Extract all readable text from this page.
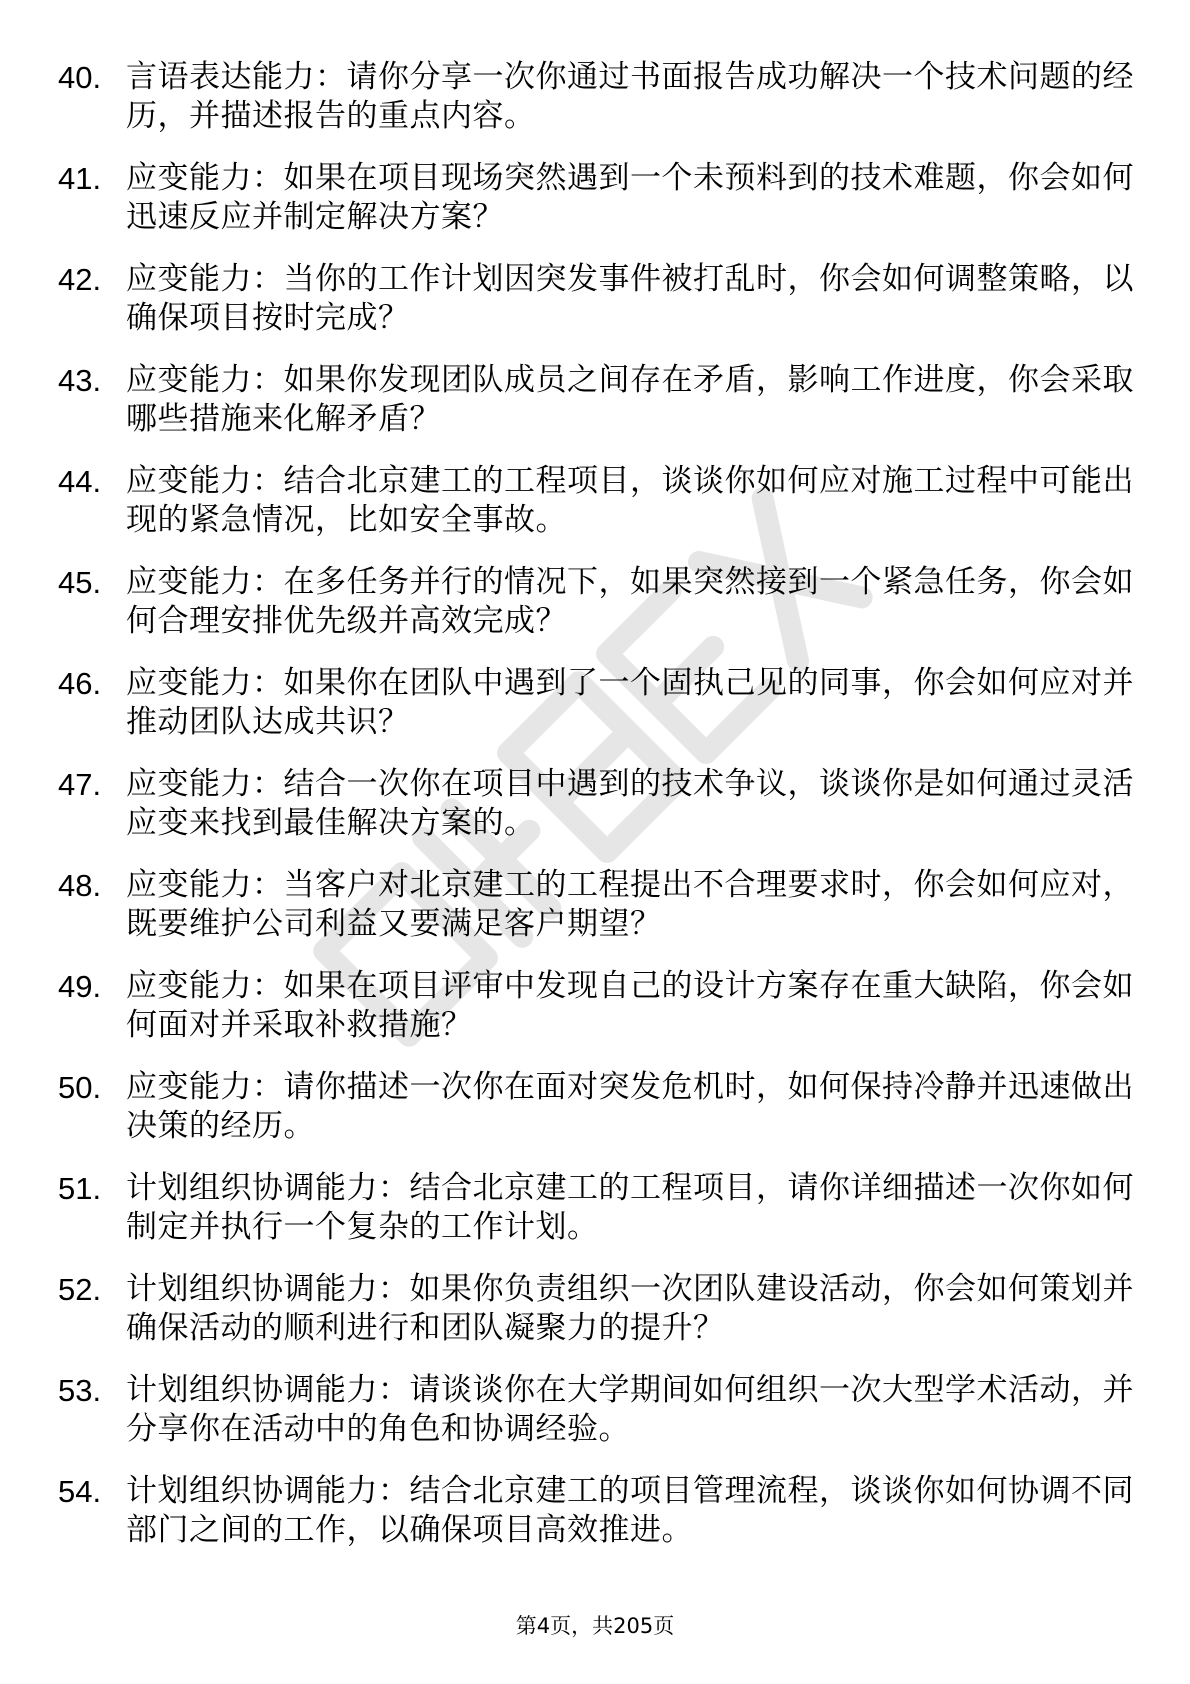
40. 言语表达能力：请你分享一次你通过书面报告成功解决一个技术问题的经历，并描述报告的重点内容。
41. 应变能力：如果在项目现场突然遇到一个未预料到的技术难题，你会如何迅速反应并制定解决方案？
42. 应变能力：当你的工作计划因突发事件被打乱时，你会如何调整策略，以确保项目按时完成？
43. 应变能力：如果你发现团队成员之间存在矛盾，影响工作进度，你会采取哪些措施来化解矛盾？
44. 应变能力：结合北京建工的工程项目，谈谈你如何应对施工过程中可能出现的紧急情况，比如安全事故。
45. 应变能力：在多任务并行的情况下，如果突然接到一个紧急任务，你会如何合理安排优先级并高效完成？
46. 应变能力：如果你在团队中遇到了一个固执己见的同事，你会如何应对并推动团队达成共识？
47. 应变能力：结合一次你在项目中遇到的技术争议，谈谈你是如何通过灵活应变来找到最佳解决方案的。
48. 应变能力：当客户对北京建工的工程提出不合理要求时，你会如何应对，既要维护公司利益又要满足客户期望？
49. 应变能力：如果在项目评审中发现自己的设计方案存在重大缺陷，你会如何面对并采取补救措施？
50. 应变能力：请你描述一次你在面对突发危机时，如何保持冷静并迅速做出决策的经历。
51. 计划组织协调能力：结合北京建工的工程项目，请你详细描述一次你如何制定并执行一个复杂的工作计划。
52. 计划组织协调能力：如果你负责组织一次团队建设活动，你会如何策划并确保活动的顺利进行和团队凝聚力的提升？
53. 计划组织协调能力：请谈谈你在大学期间如何组织一次大型学术活动，并分享你在活动中的角色和协调经验。
54. 计划组织协调能力：结合北京建工的项目管理流程，谈谈你如何协调不同部门之间的工作，以确保项目高效推进。
第4页，共205页
